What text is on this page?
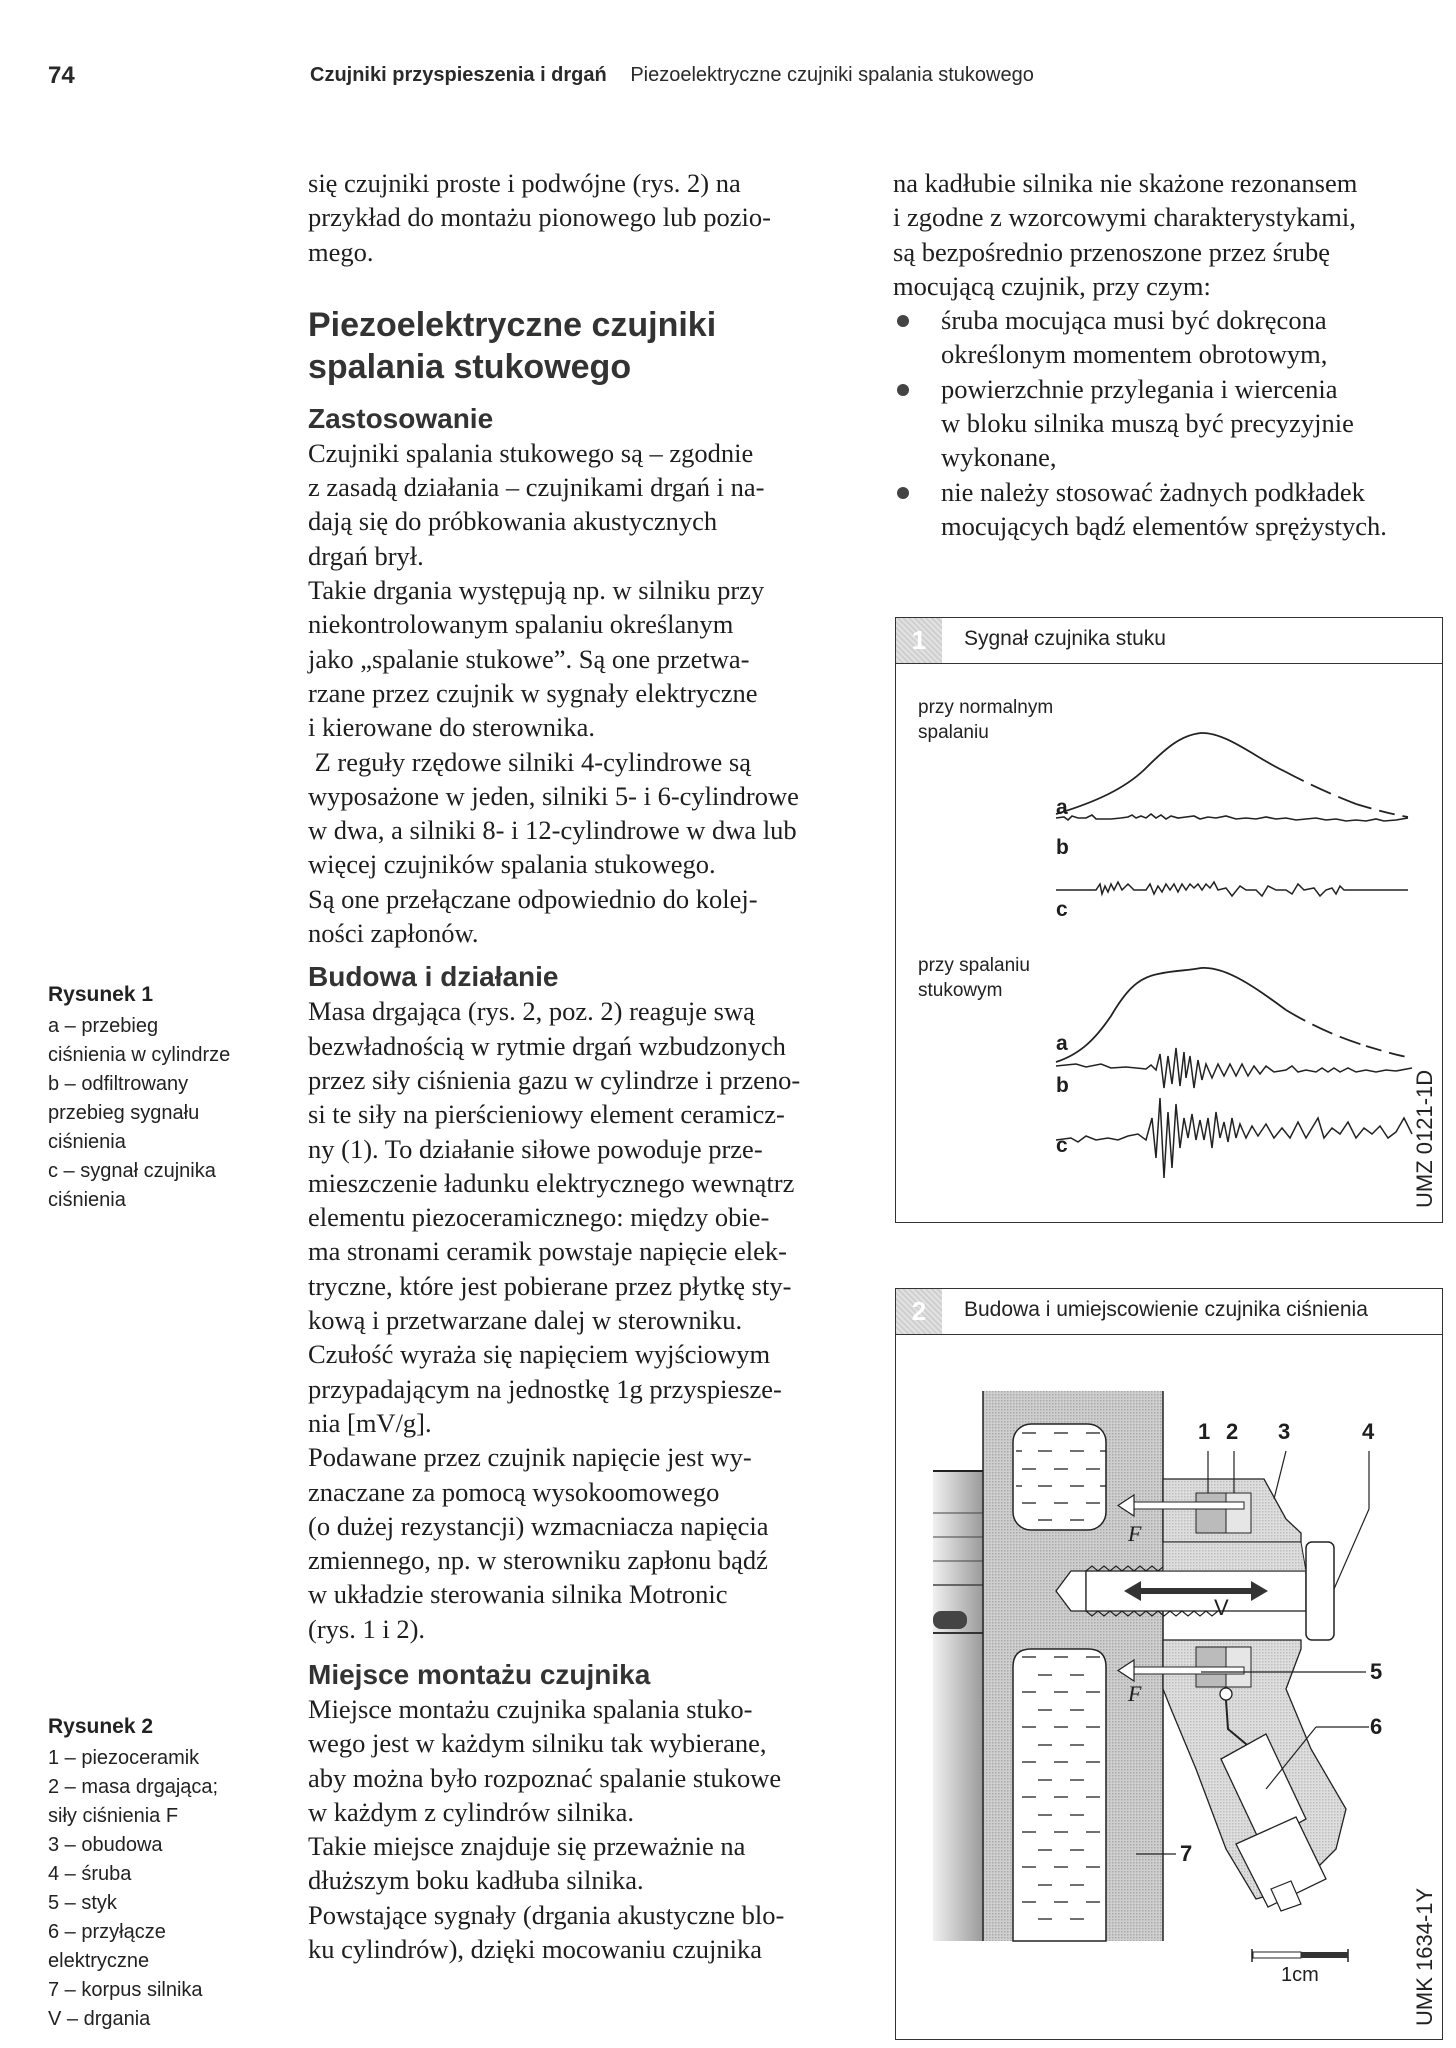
74	Czujniki przyspieszenia i drgań Piezoelektryczne czujniki spalania stukowego
Rysunek 1

a – przebieg

ciśnienia w cylindrze

b – odfiltrowany

przebieg sygnału

ciśnienia

c – sygnał czujnika

ciśnienia

Rysunek 2

1 – piezoceramik

2 – masa drgająca;

siły ciśnienia F

3 – obudowa

4 – śruba

5 – styk

6 – przyłącze

elektryczne

7 – korpus silnika

V – drgania

się czujniki proste i podwójne (rys. 2) na

przykład do montażu pionowego lub pozio-

mego.

Piezoelektryczne czujniki
spalania stukowego
Zastosowanie

Czujniki spalania stukowego są – zgodnie

z zasadą działania – czujnikami drgań i na-

dają się do próbkowania akustycznych

drgań brył.

Takie drgania występują np. w silniku przy

niekontrolowanym spalaniu określanym

jako „spalanie stukowe”. Są one przetwa-

rzane przez czujnik w sygnały elektryczne

i kierowane do sterownika.

Z reguły rzędowe silniki 4-cylindrowe są

wyposażone w jeden, silniki 5- i 6-cylindrowe

w dwa, a silniki 8- i 12-cylindrowe w dwa lub

więcej czujników spalania stukowego.

Są one przełączane odpowiednio do kolej-

ności zapłonów.

Budowa i działanie

Masa drgająca (rys. 2, poz. 2) reaguje swą

bezwładnością w rytmie drgań wzbudzonych

przez siły ciśnienia gazu w cylindrze i przeno-

si te siły na pierścieniowy element ceramicz-

ny (1). To działanie siłowe powoduje prze-

mieszczenie ładunku elektrycznego wewnątrz

elementu piezoceramicznego: między obie-

ma stronami ceramik powstaje napięcie elek-

tryczne, które jest pobierane przez płytkę sty-

kową i przetwarzane dalej w sterowniku.

Czułość wyraża się napięciem wyjściowym

przypadającym na jednostkę 1g przyspiesze-

nia [mV/g].

Podawane przez czujnik napięcie jest wy-

znaczane za pomocą wysokoomowego

(o dużej rezystancji) wzmacniacza napięcia

zmiennego, np. w sterowniku zapłonu bądź

w układzie sterowania silnika Motronic

(rys. 1 i 2).

Miejsce montażu czujnika

Miejsce montażu czujnika spalania stuko-

wego jest w każdym silniku tak wybierane,

aby można było rozpoznać spalanie stukowe

w każdym z cylindrów silnika.

Takie miejsce znajduje się przeważnie na

dłuższym boku kadłuba silnika.

Powstające sygnały (drgania akustyczne blo-

ku cylindrów), dzięki mocowaniu czujnika

na kadłubie silnika nie skażone rezonansem

i zgodne z wzorcowymi charakterystykami,

są bezpośrednio przenoszone przez śrubę

mocującą czujnik, przy czym:

śruba mocująca musi być dokręcona
określonym momentem obrotowym,
powierzchnie przylegania i wiercenia
w bloku silnika muszą być precyzyjnie
wykonane,
nie należy stosować żadnych podkładek
mocujących bądź elementów sprężystych.
1	Sygnał czujnika stuku
przy normalnym
spalaniu
przy spalaniu
stukowym
a
b
c
a
b
c	UMZ 0121-1D
2	Budowa i umiejscowienie czujnika ciśnienia
1 2 3	4
5
6
7
F
F
V
1cm	UMK 1634-1Y
